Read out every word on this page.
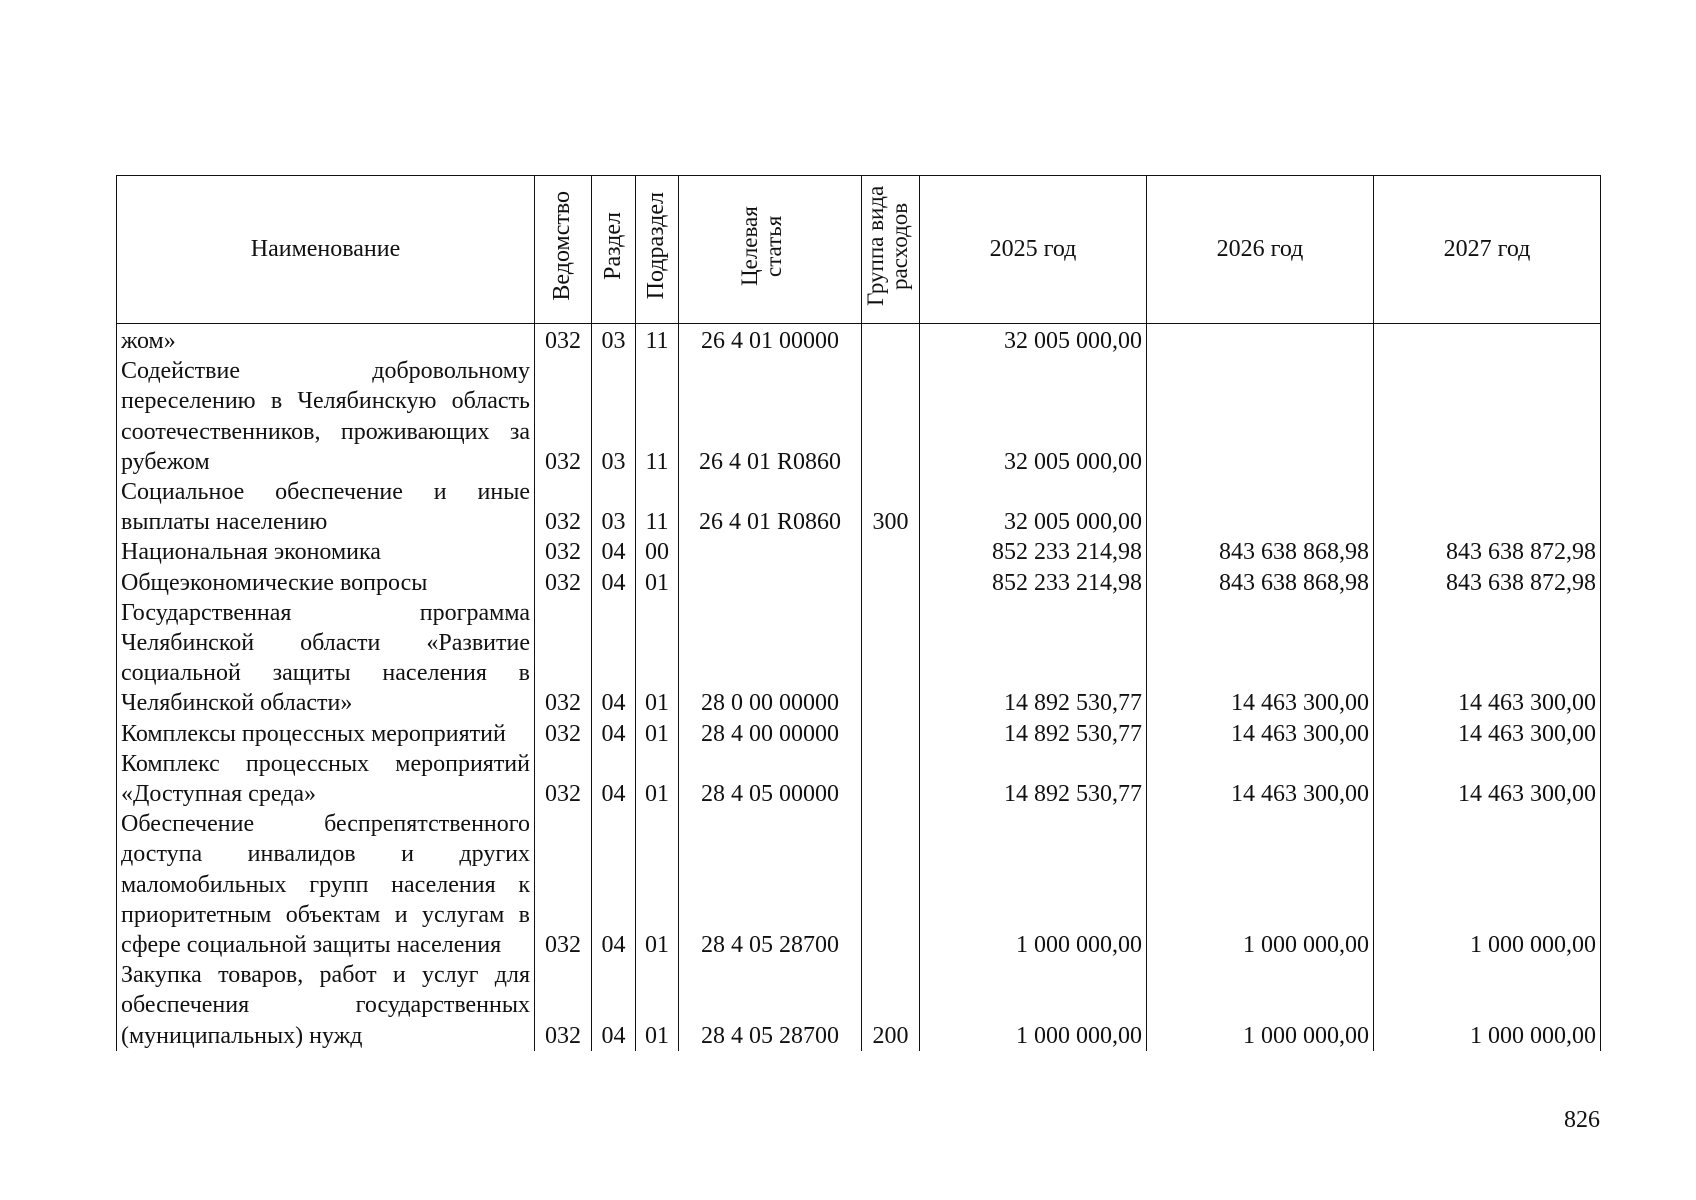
Наименование	Ведомство	Раздел	Подраздел	Целевая статья	Группа вида расходов	2025 год	2026 год	2027 год
жом»	032	03	11	26 4 01 00000		32 005 000,00		
Содействие добровольному переселению в Челябинскую область соотечественников, проживающих за рубежом	032	03	11	26 4 01 R0860		32 005 000,00		
Социальное обеспечение и иные выплаты населению	032	03	11	26 4 01 R0860	300	32 005 000,00		
Национальная экономика	032	04	00			852 233 214,98	843 638 868,98	843 638 872,98
Общеэкономические вопросы	032	04	01			852 233 214,98	843 638 868,98	843 638 872,98
Государственная программа Челябинской области «Развитие социальной защиты населения в Челябинской области»	032	04	01	28 0 00 00000		14 892 530,77	14 463 300,00	14 463 300,00
Комплексы процессных мероприятий	032	04	01	28 4 00 00000		14 892 530,77	14 463 300,00	14 463 300,00
Комплекс процессных мероприятий «Доступная среда»	032	04	01	28 4 05 00000		14 892 530,77	14 463 300,00	14 463 300,00
Обеспечение беспрепятственного доступа инвалидов и других маломобильных групп населения к приоритетным объектам и услугам в сфере социальной защиты населения	032	04	01	28 4 05 28700		1 000 000,00	1 000 000,00	1 000 000,00
Закупка товаров, работ и услуг для обеспечения государственных (муниципальных) нужд	032	04	01	28 4 05 28700	200	1 000 000,00	1 000 000,00	1 000 000,00
826
